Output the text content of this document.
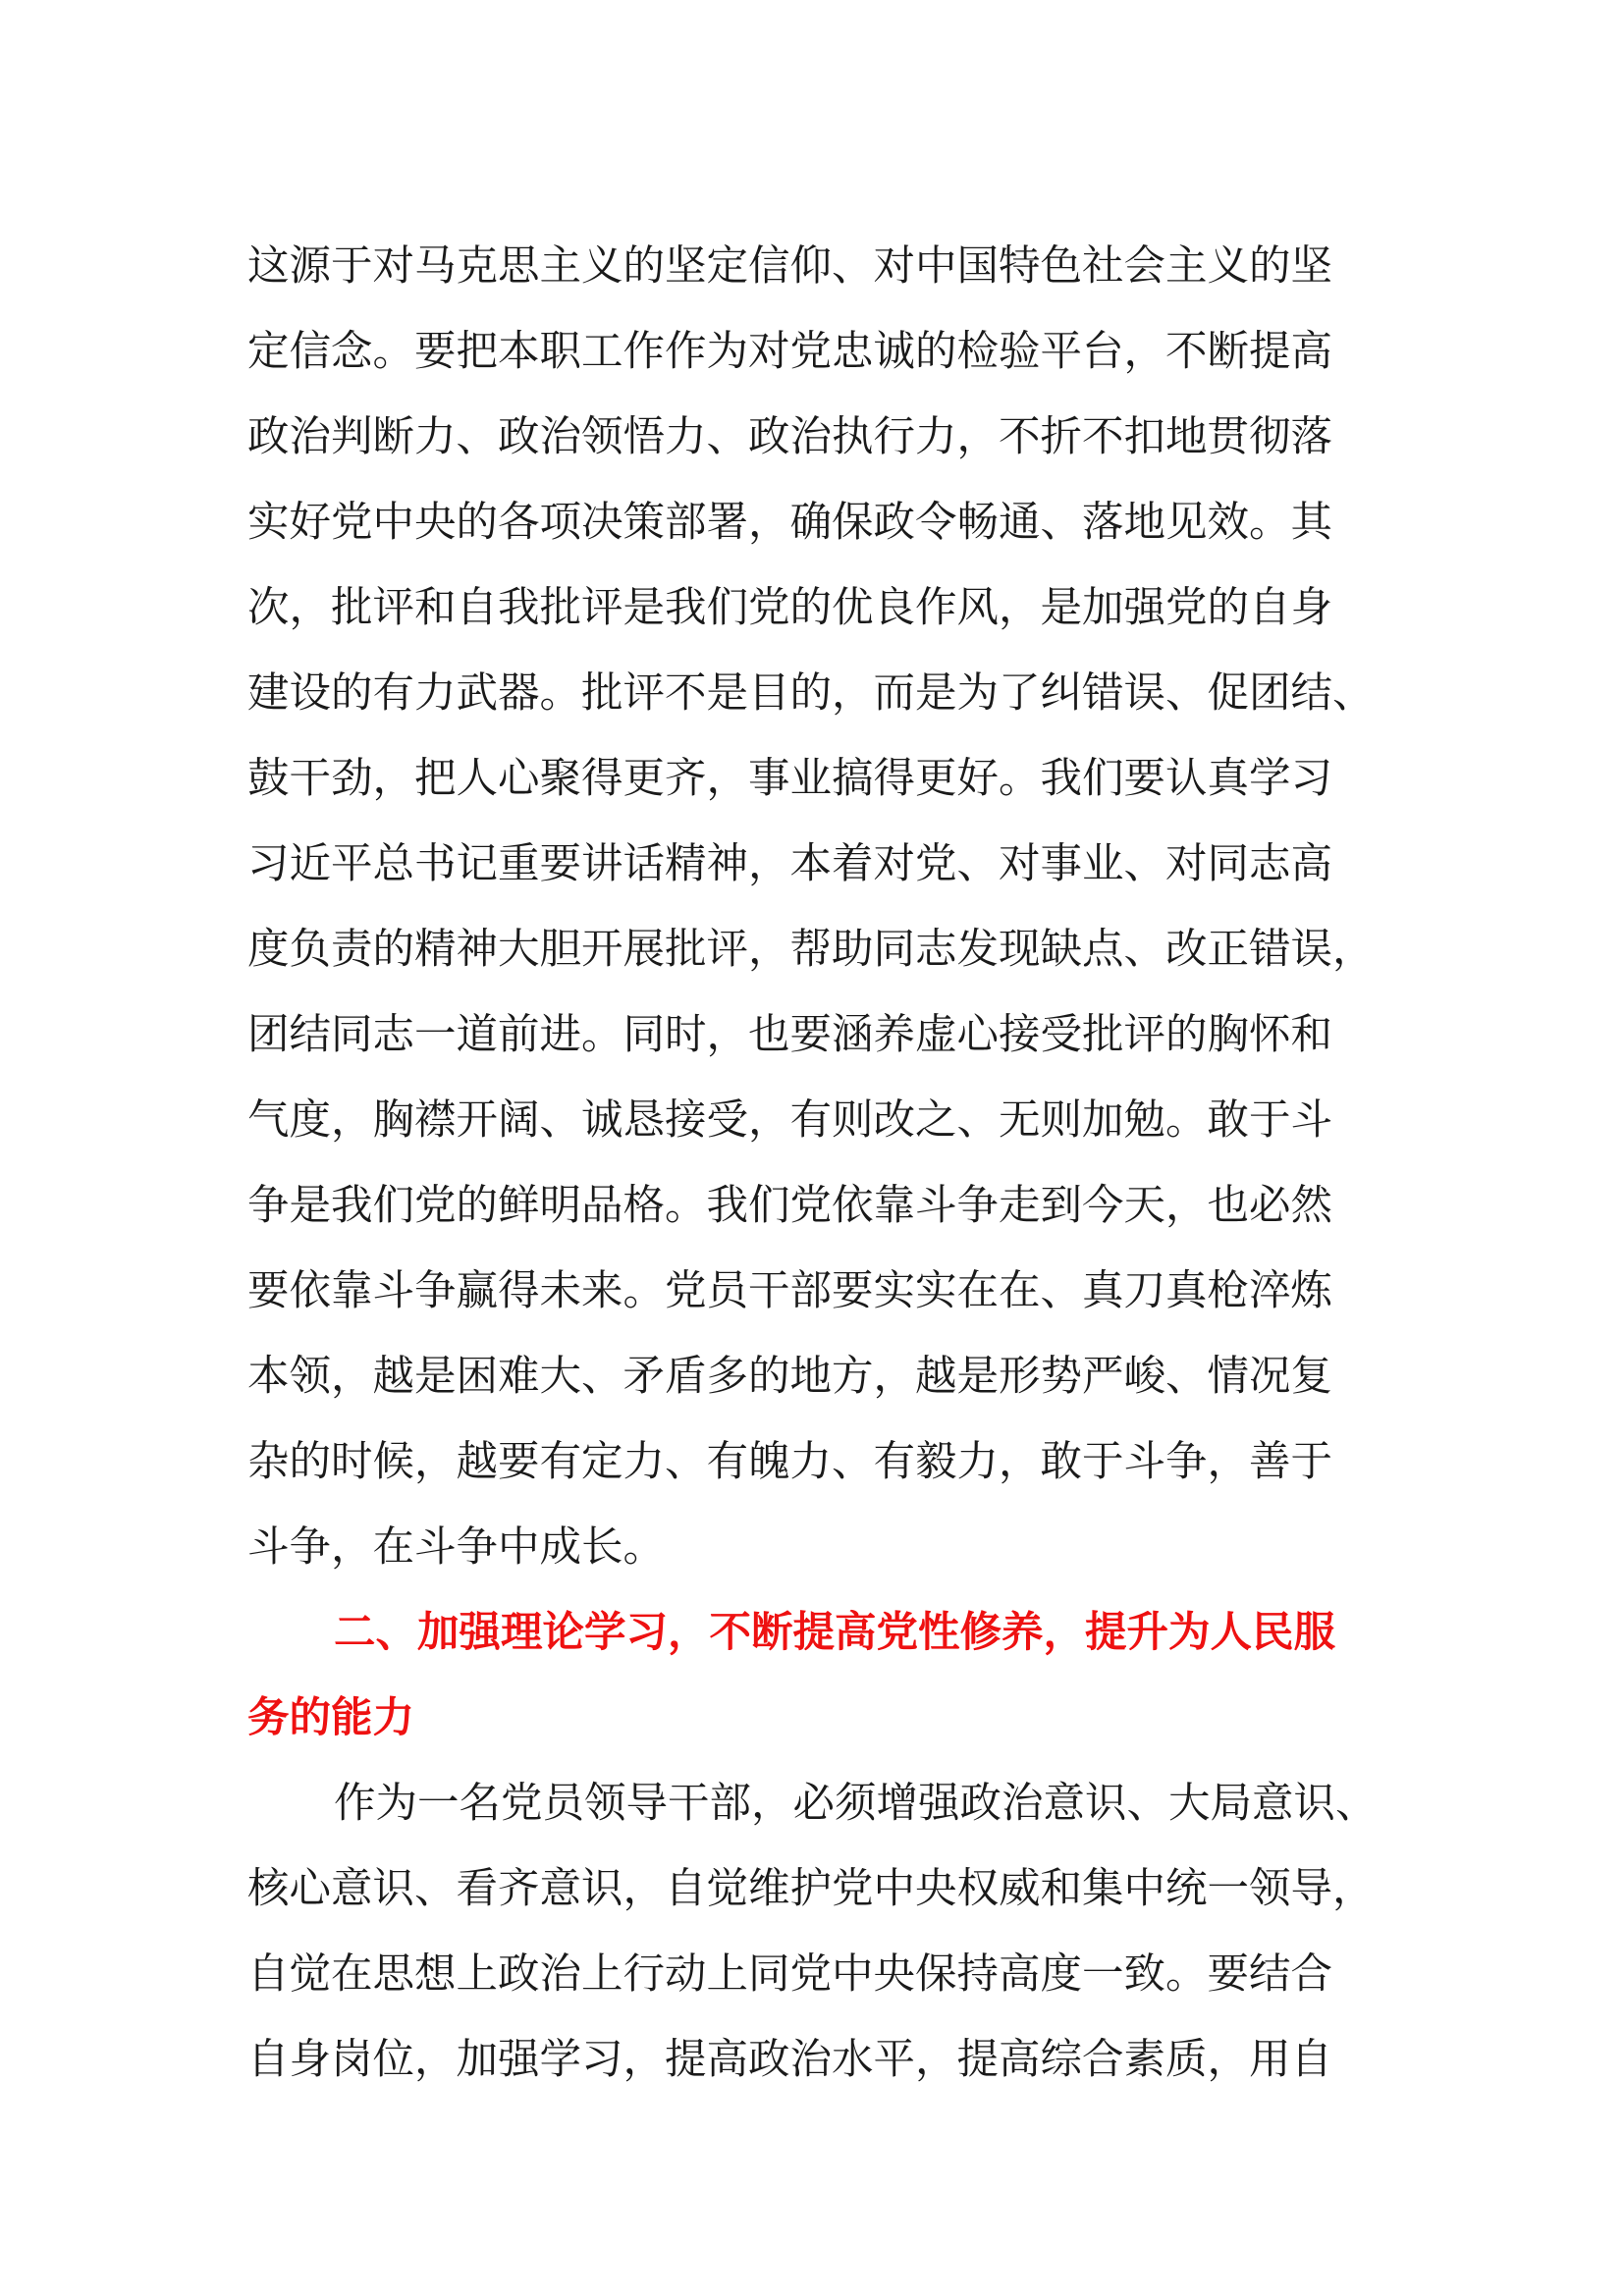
这源于对马克思主义的坚定信仰、对中国特色社会主义的坚
定信念。要把本职工作作为对党忠诚的检验平台，不断提高
政治判断力、政治领悟力、政治执行力，不折不扣地贯彻落
实好党中央的各项决策部署，确保政令畅通、落地见效。其
次，批评和自我批评是我们党的优良作风，是加强党的自身
建设的有力武器。批评不是目的，而是为了纠错误、促团结、
鼓干劲，把人心聚得更齐，事业搞得更好。我们要认真学习
习近平总书记重要讲话精神，本着对党、对事业、对同志高
度负责的精神大胆开展批评，帮助同志发现缺点、改正错误，
团结同志一道前进。同时，也要涵养虚心接受批评的胸怀和
气度，胸襟开阔、诚恳接受，有则改之、无则加勉。敢于斗
争是我们党的鲜明品格。我们党依靠斗争走到今天，也必然
要依靠斗争赢得未来。党员干部要实实在在、真刀真枪淬炼
本领，越是困难大、矛盾多的地方，越是形势严峻、情况复
杂的时候，越要有定力、有魄力、有毅力，敢于斗争，善于
斗争，在斗争中成长。
二、加强理论学习，不断提高党性修养，提升为人民服
务的能力
作为一名党员领导干部，必须增强政治意识、大局意识、
核心意识、看齐意识，自觉维护党中央权威和集中统一领导，
自觉在思想上政治上行动上同党中央保持高度一致。要结合
自身岗位，加强学习，提高政治水平，提高综合素质，用自
